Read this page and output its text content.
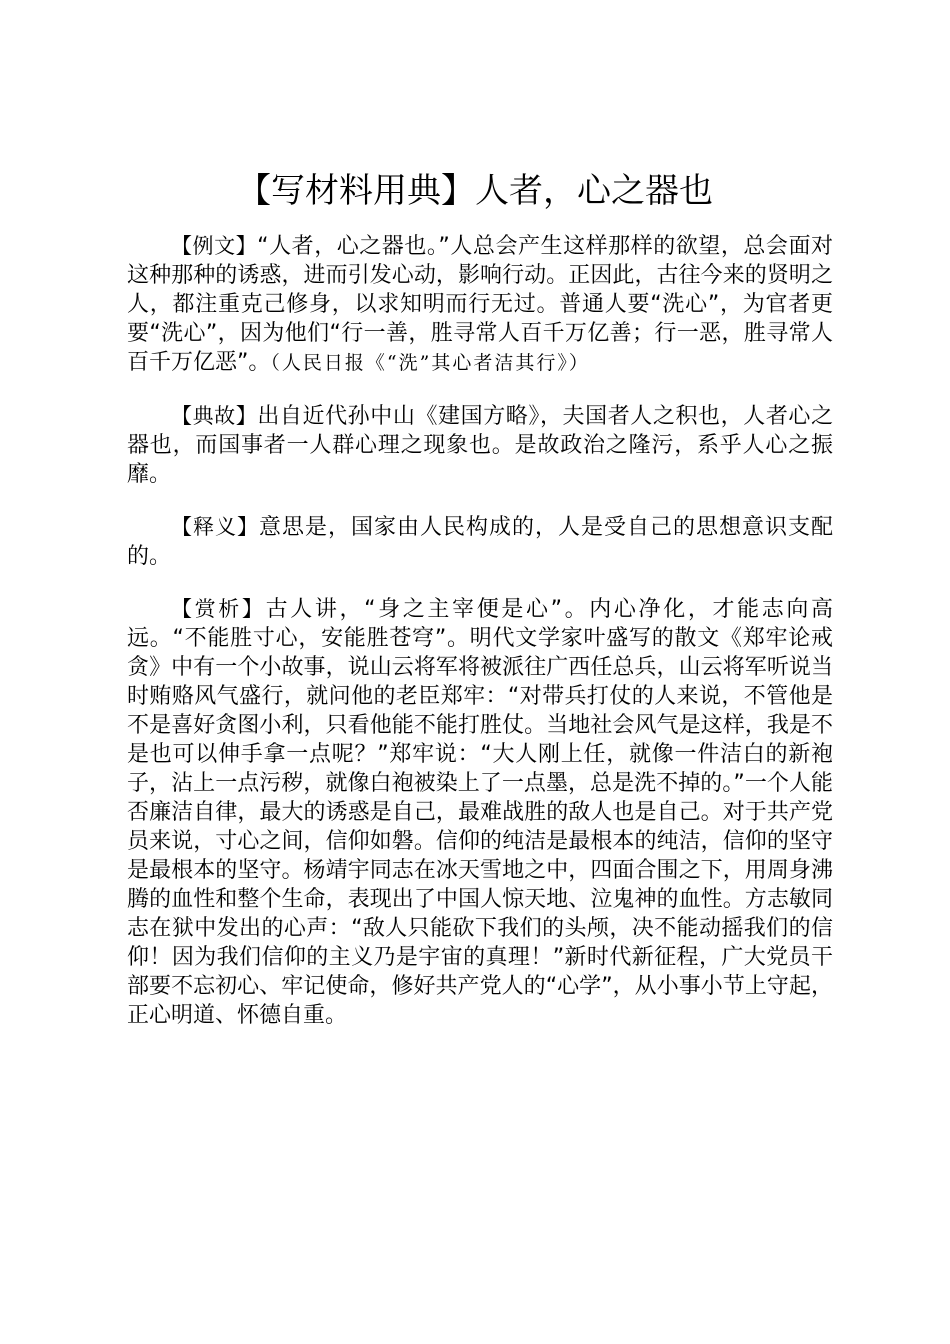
【写材料用典】人者，心之器也

【例文】“人者，心之器也。”人总会产生这样那样的欲望，总会面对这种那种的诱惑，进而引发心动，影响行动。正因此，古往今来的贤明之人，都注重克己修身，以求知明而行无过。普通人要“洗心”，为官者更要“洗心”，因为他们“行一善，胜寻常人百千万亿善；行一恶，胜寻常人百千万亿恶”。（人民日报《“洗”其心者洁其行》）

【典故】出自近代孙中山《建国方略》，夫国者人之积也，人者心之器也，而国事者一人群心理之现象也。是故政治之隆污，系乎人心之振靡。

【释义】意思是，国家由人民构成的，人是受自己的思想意识支配的。

【赏析】古人讲，“身之主宰便是心”。内心净化，才能志向高远。“不能胜寸心，安能胜苍穹”。明代文学家叶盛写的散文《郑牢论戒贪》中有一个小故事，说山云将军将被派往广西任总兵，山云将军听说当时贿赂风气盛行，就问他的老臣郑牢：“对带兵打仗的人来说，不管他是不是喜好贪图小利，只看他能不能打胜仗。当地社会风气是这样，我是不是也可以伸手拿一点呢？”郑牢说：“大人刚上任，就像一件洁白的新袍子，沾上一点污秽，就像白袍被染上了一点墨，总是洗不掉的。”一个人能否廉洁自律，最大的诱惑是自己，最难战胜的敌人也是自己。对于共产党员来说，寸心之间，信仰如磐。信仰的纯洁是最根本的纯洁，信仰的坚守是最根本的坚守。杨靖宇同志在冰天雪地之中，四面合围之下，用周身沸腾的血性和整个生命，表现出了中国人惊天地、泣鬼神的血性。方志敏同志在狱中发出的心声：“敌人只能砍下我们的头颅，决不能动摇我们的信仰！因为我们信仰的主义乃是宇宙的真理！”新时代新征程，广大党员干部要不忘初心、牢记使命，修好共产党人的“心学”，从小事小节上守起，正心明道、怀德自重。
